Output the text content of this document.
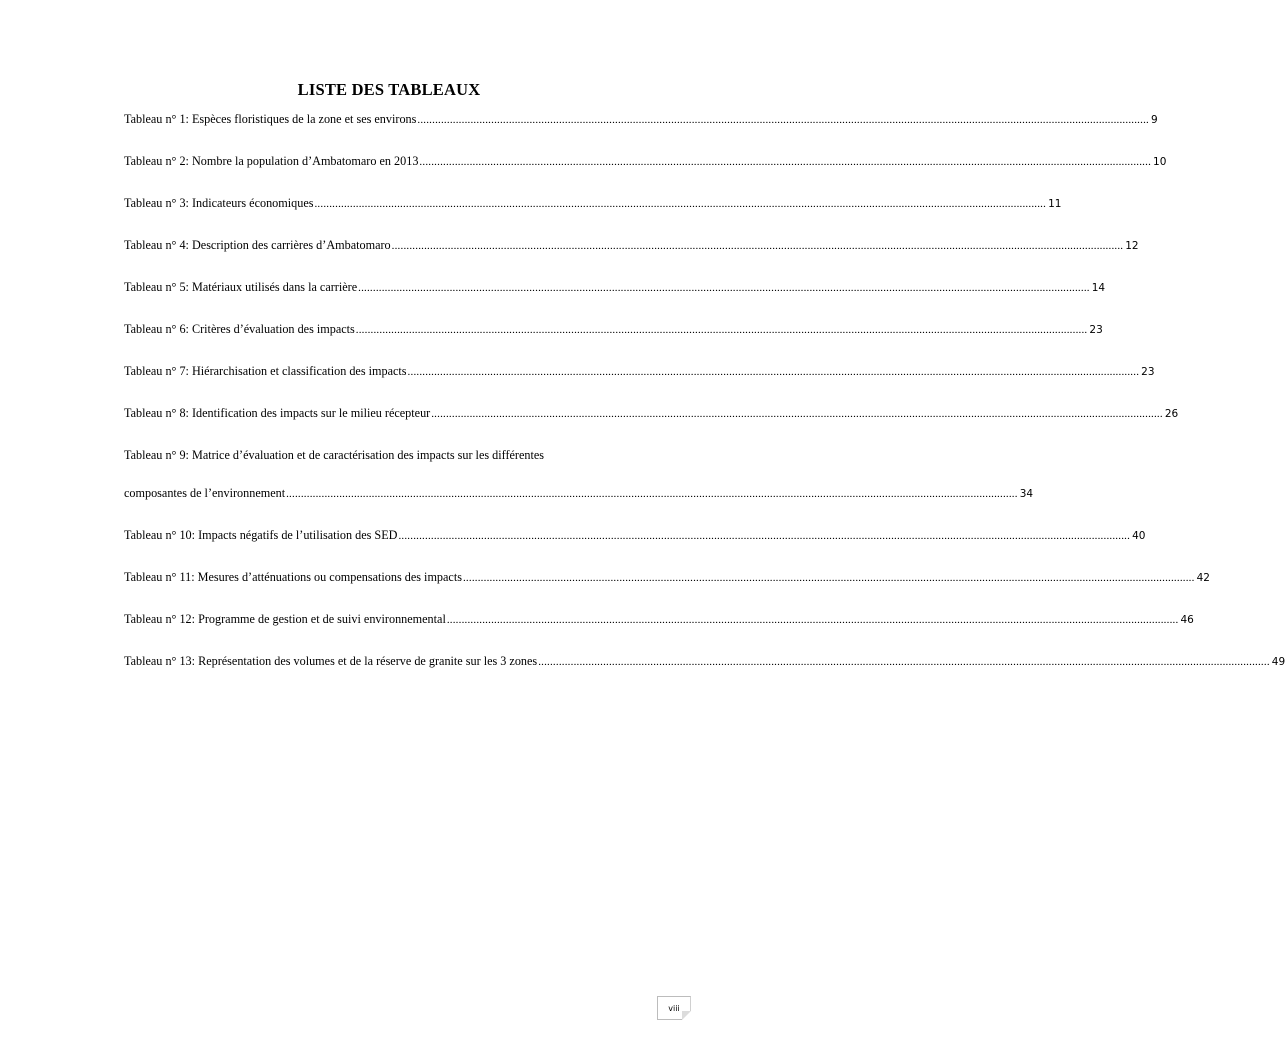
LISTE DES TABLEAUX
Tableau n° 1: Espèces floristiques de la zone et ses environs .....	9
Tableau n° 2: Nombre la population d’Ambatomaro en 2013 .....	10
Tableau n° 3: Indicateurs économiques .....	11
Tableau n° 4: Description des carrières d’Ambatomaro .....	12
Tableau n° 5: Matériaux utilisés dans la carrière .....	14
Tableau n° 6: Critères d’évaluation des impacts .....	23
Tableau n° 7: Hiérarchisation et classification des impacts .....	23
Tableau n° 8: Identification des impacts sur le milieu récepteur .....	26
Tableau n° 9: Matrice d’évaluation et de caractérisation des impacts sur les différentes
composantes de l’environnement .....	34
Tableau n° 10: Impacts négatifs de l’utilisation des SED .....	40
Tableau n° 11: Mesures d’atténuations ou compensations des impacts .....	42
Tableau n° 12: Programme de gestion et de suivi environnemental .....	46
Tableau n° 13: Représentation des volumes et de la réserve de granite sur les 3 zones .....	49
viii
